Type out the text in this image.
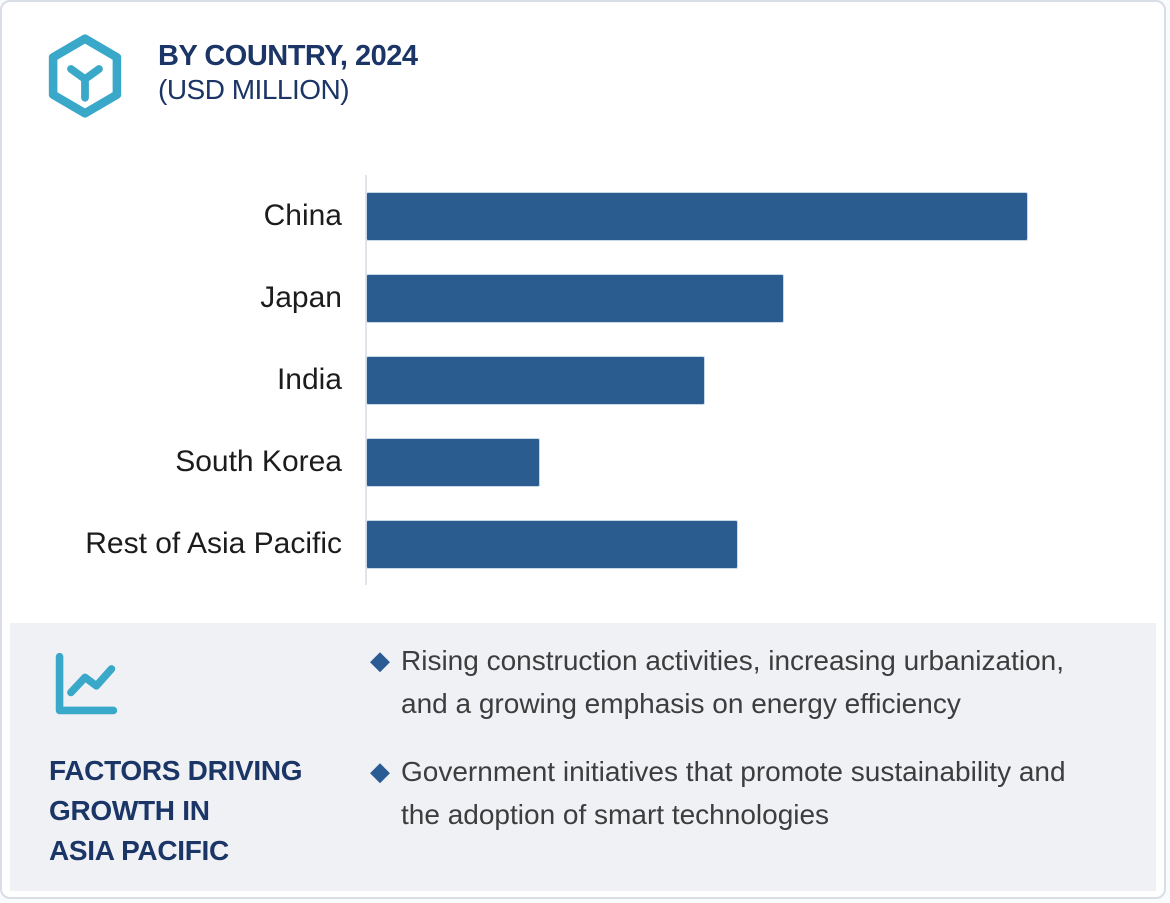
BY COUNTRY, 2024
(USD MILLION)
China
Japan
India
South Korea
Rest of Asia Pacific
FACTORS DRIVING
GROWTH IN
ASIA PACIFIC
◆ Rising construction activities, increasing urbanization, and a growing emphasis on energy efficiency
◆ Government initiatives that promote sustainability and the adoption of smart technologies
